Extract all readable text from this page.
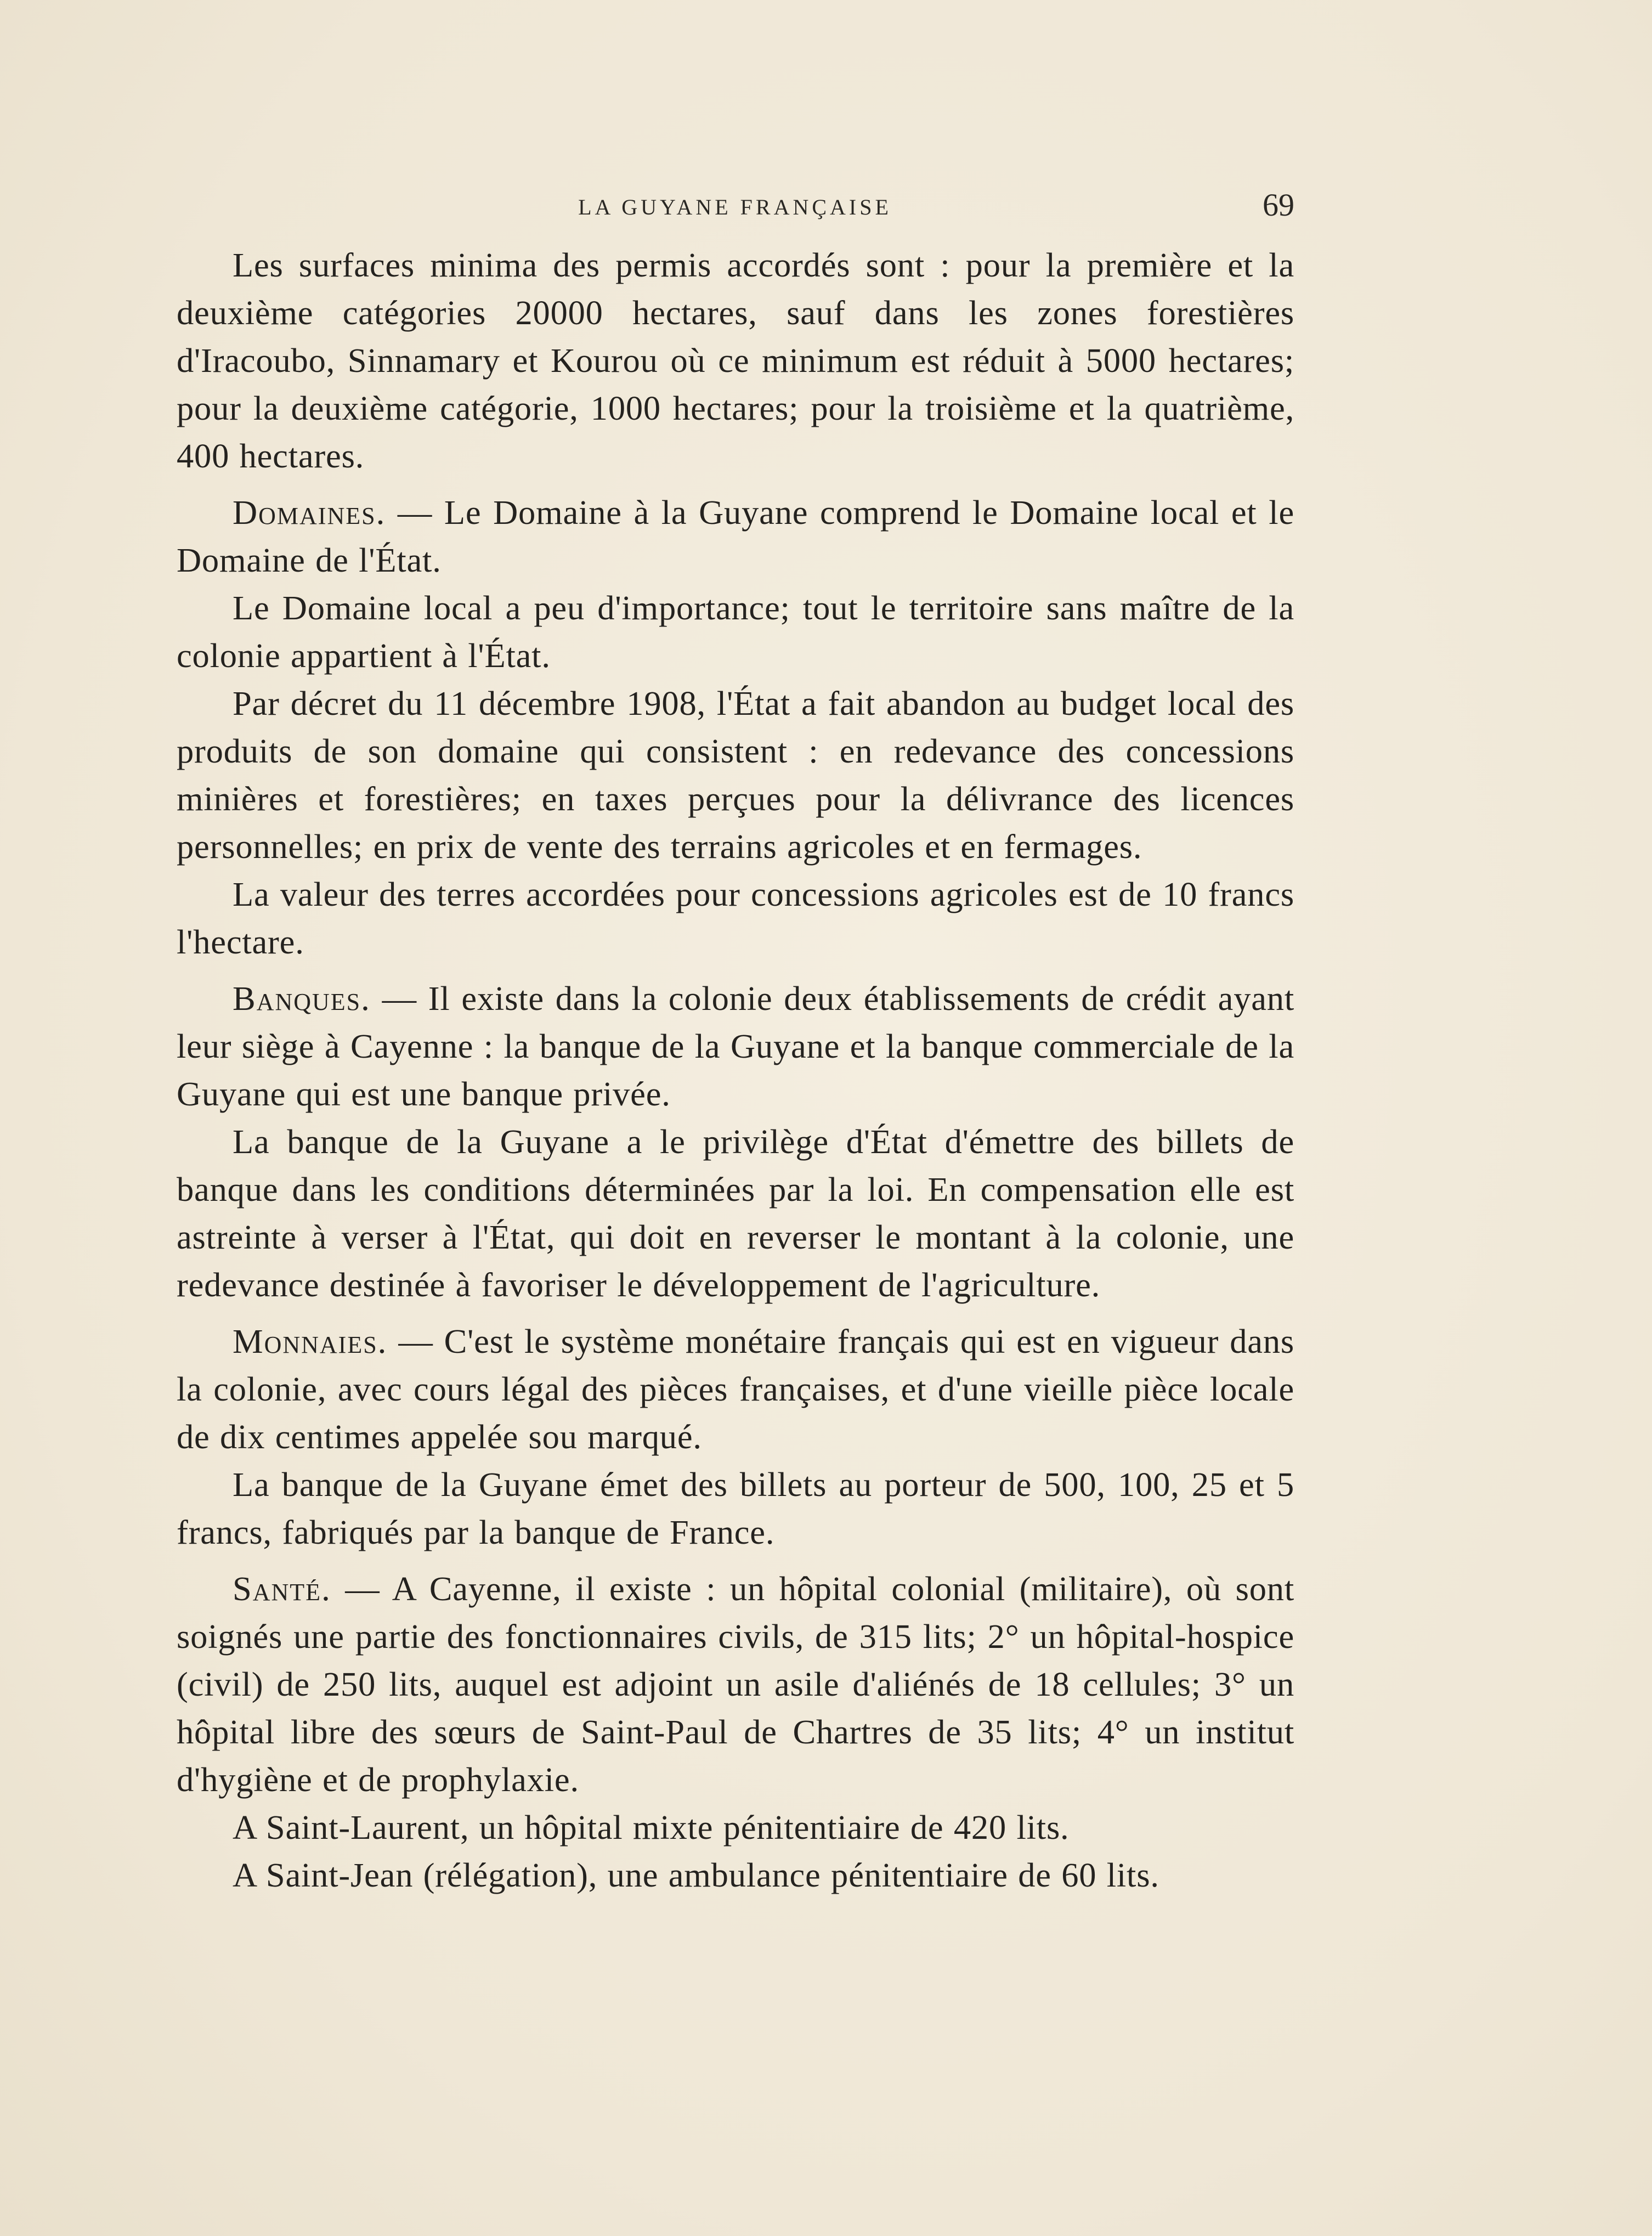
LA GUYANE FRANÇAISE	69

Les surfaces minima des permis accordés sont : pour la première et la deuxième catégories 20000 hectares, sauf dans les zones forestières d'Iracoubo, Sinnamary et Kourou où ce minimum est réduit à 5000 hectares; pour la deuxième catégorie, 1000 hectares; pour la troisième et la quatrième, 400 hectares.

Domaines. — Le Domaine à la Guyane comprend le Domaine local et le Domaine de l'État.

Le Domaine local a peu d'importance; tout le territoire sans maître de la colonie appartient à l'État.

Par décret du 11 décembre 1908, l'État a fait abandon au budget local des produits de son domaine qui consistent : en redevance des concessions minières et forestières; en taxes perçues pour la délivrance des licences personnelles; en prix de vente des terrains agricoles et en fermages.

La valeur des terres accordées pour concessions agricoles est de 10 francs l'hectare.

Banques. — Il existe dans la colonie deux établissements de crédit ayant leur siège à Cayenne : la banque de la Guyane et la banque commerciale de la Guyane qui est une banque privée.

La banque de la Guyane a le privilège d'État d'émettre des billets de banque dans les conditions déterminées par la loi. En compensation elle est astreinte à verser à l'État, qui doit en reverser le montant à la colonie, une redevance destinée à favoriser le développement de l'agriculture.

Monnaies. — C'est le système monétaire français qui est en vigueur dans la colonie, avec cours légal des pièces françaises, et d'une vieille pièce locale de dix centimes appelée sou marqué.

La banque de la Guyane émet des billets au porteur de 500, 100, 25 et 5 francs, fabriqués par la banque de France.

Santé. — A Cayenne, il existe : un hôpital colonial (militaire), où sont soignés une partie des fonctionnaires civils, de 315 lits; 2° un hôpital-hospice (civil) de 250 lits, auquel est adjoint un asile d'aliénés de 18 cellules; 3° un hôpital libre des sœurs de Saint-Paul de Chartres de 35 lits; 4° un institut d'hygiène et de prophylaxie.

A Saint-Laurent, un hôpital mixte pénitentiaire de 420 lits.

A Saint-Jean (rélégation), une ambulance pénitentiaire de 60 lits.
